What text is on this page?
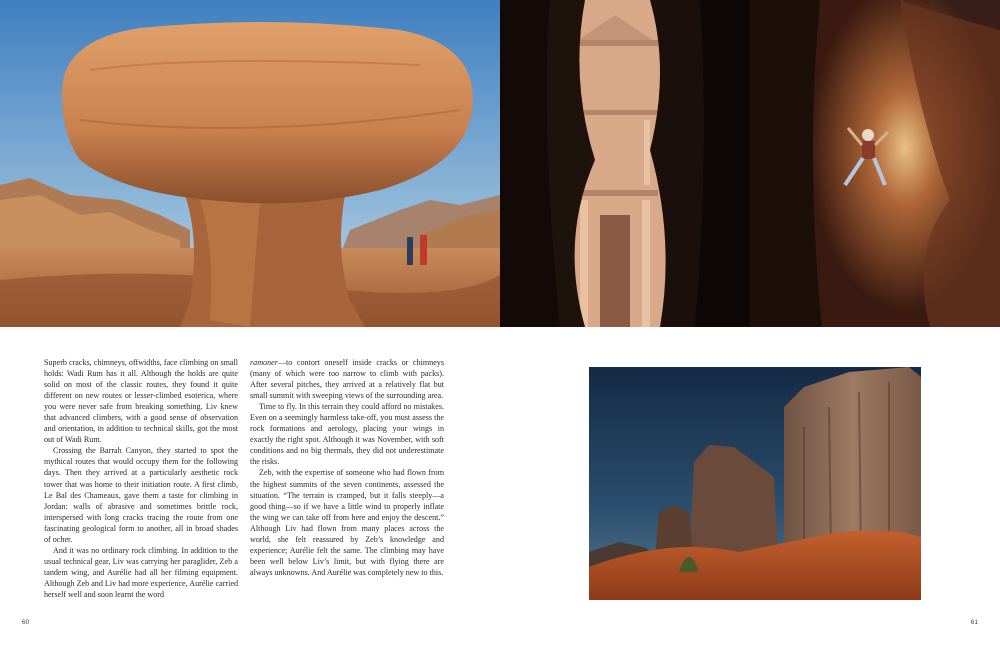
Superb cracks, chimneys, offwidths, face climbing on small holds: Wadi Rum has it all. Although the holds are quite solid on most of the classic routes, they found it quite different on new routes or lesser-climbed esoterica, where you were never safe from breaking something. Liv knew that advanced climbers, with a good sense of observation and orientation, in addition to technical skills, got the most out of Wadi Rum.

Crossing the Barrah Canyon, they started to spot the mythical routes that would occupy them for the following days. Then they arrived at a particularly aesthetic rock tower that was home to their initiation route. A first climb, Le Bal des Chameaux, gave them a taste for climbing in Jordan: walls of abrasive and sometimes brittle rock, interspersed with long cracks tracing the route from one fascinating geological form to another, all in broad shades of ocher.

And it was no ordinary rock climbing. In addition to the usual technical gear, Liv was carrying her paraglider, Zeb a tandem wing, and Aurélie had all her filming equipment. Although Zeb and Liv had more experience, Aurélie carried herself well and soon learnt the word

ramoner—to contort oneself inside cracks or chimneys (many of which were too narrow to climb with packs). After several pitches, they arrived at a relatively flat but small summit with sweeping views of the surrounding area.

Time to fly. In this terrain they could afford no mistakes. Even on a seemingly harmless take-off, you must assess the rock formations and aerology, placing your wings in exactly the right spot. Although it was November, with soft conditions and no big thermals, they did not underestimate the risks.

Zeb, with the expertise of someone who had flown from the highest summits of the seven continents, assessed the situation. “The terrain is cramped, but it falls steeply—a good thing—so if we have a little wind to properly inflate the wing we can take off from here and enjoy the descent.” Although Liv had flown from many places across the world, she felt reassured by Zeb’s knowledge and experience; Aurélie felt the same. The climbing may have been well below Liv’s limit, but with flying there are always unknowns. And Aurélie was completely new to this.

60	61
